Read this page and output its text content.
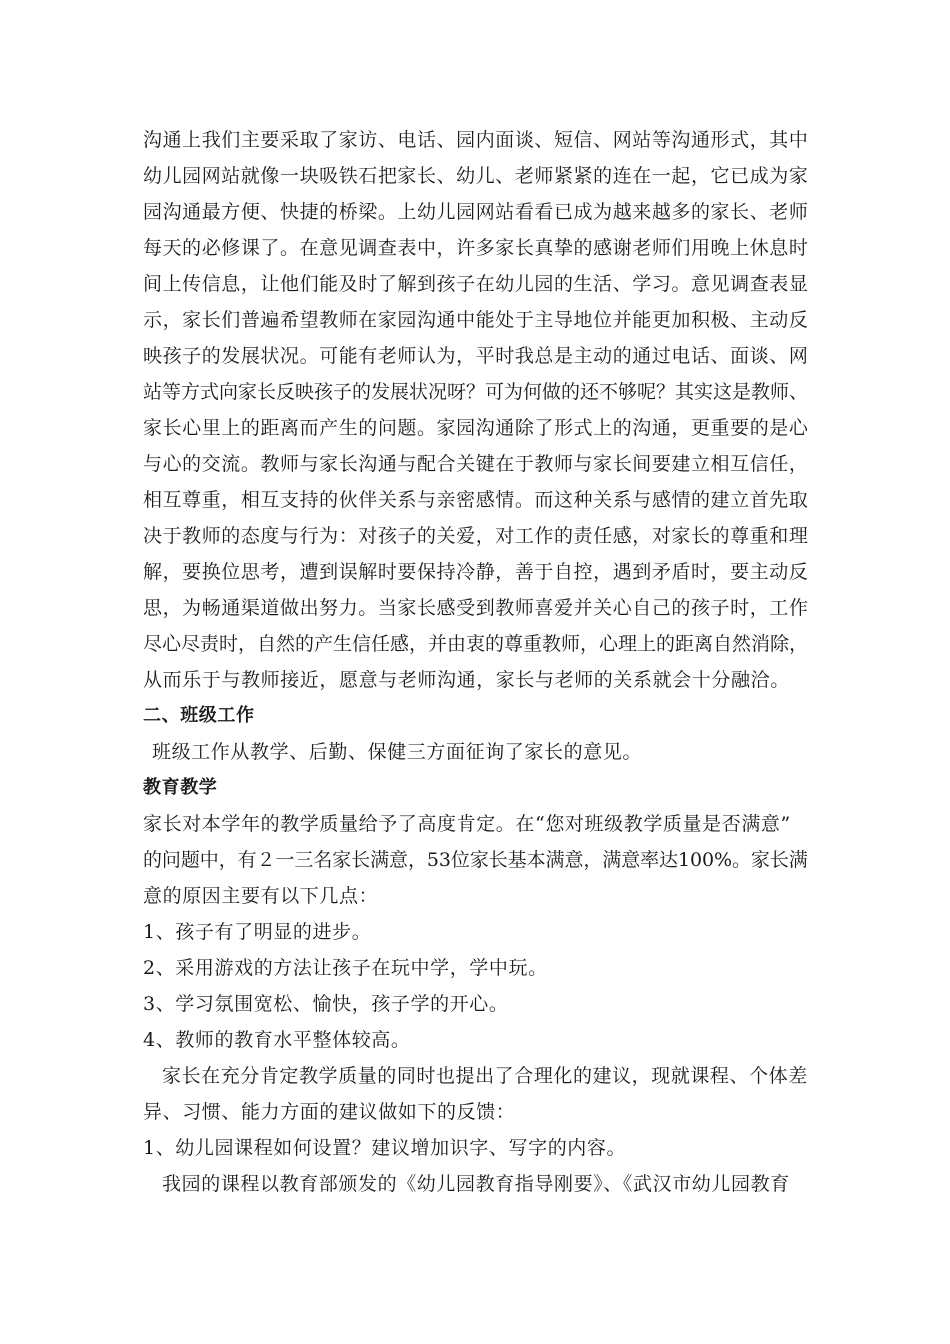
沟通上我们主要采取了家访、电话、园内面谈、短信、网站等沟通形式，其中
幼儿园网站就像一块吸铁石把家长、幼儿、老师紧紧的连在一起，它已成为家
园沟通最方便、快捷的桥梁。上幼儿园网站看看已成为越来越多的家长、老师
每天的必修课了。在意见调查表中，许多家长真挚的感谢老师们用晚上休息时
间上传信息，让他们能及时了解到孩子在幼儿园的生活、学习。意见调查表显
示，家长们普遍希望教师在家园沟通中能处于主导地位并能更加积极、主动反
映孩子的发展状况。可能有老师认为，平时我总是主动的通过电话、面谈、网
站等方式向家长反映孩子的发展状况呀？可为何做的还不够呢？其实这是教师、
家长心里上的距离而产生的问题。家园沟通除了形式上的沟通，更重要的是心
与心的交流。教师与家长沟通与配合关键在于教师与家长间要建立相互信任，
相互尊重，相互支持的伙伴关系与亲密感情。而这种关系与感情的建立首先取
决于教师的态度与行为：对孩子的关爱，对工作的责任感，对家长的尊重和理
解，要换位思考，遭到误解时要保持冷静，善于自控，遇到矛盾时，要主动反
思，为畅通渠道做出努力。当家长感受到教师喜爱并关心自己的孩子时，工作
尽心尽责时，自然的产生信任感，并由衷的尊重教师，心理上的距离自然消除，
从而乐于与教师接近，愿意与老师沟通，家长与老师的关系就会十分融洽。
二、班级工作
班级工作从教学、后勤、保健三方面征询了家长的意见。
教育教学
家长对本学年的教学质量给予了高度肯定。在“您对班级教学质量是否满意”
的问题中，有２一三名家长满意，53位家长基本满意，满意率达100%。家长满
意的原因主要有以下几点：
1、孩子有了明显的进步。
2、采用游戏的方法让孩子在玩中学，学中玩。
3、学习氛围宽松、愉快，孩子学的开心。
4、教师的教育水平整体较高。
家长在充分肯定教学质量的同时也提出了合理化的建议，现就课程、个体差
异、习惯、能力方面的建议做如下的反馈：
1、幼儿园课程如何设置？建议增加识字、写字的内容。
我园的课程以教育部颁发的《幼儿园教育指导刚要》、《武汉市幼儿园教育
